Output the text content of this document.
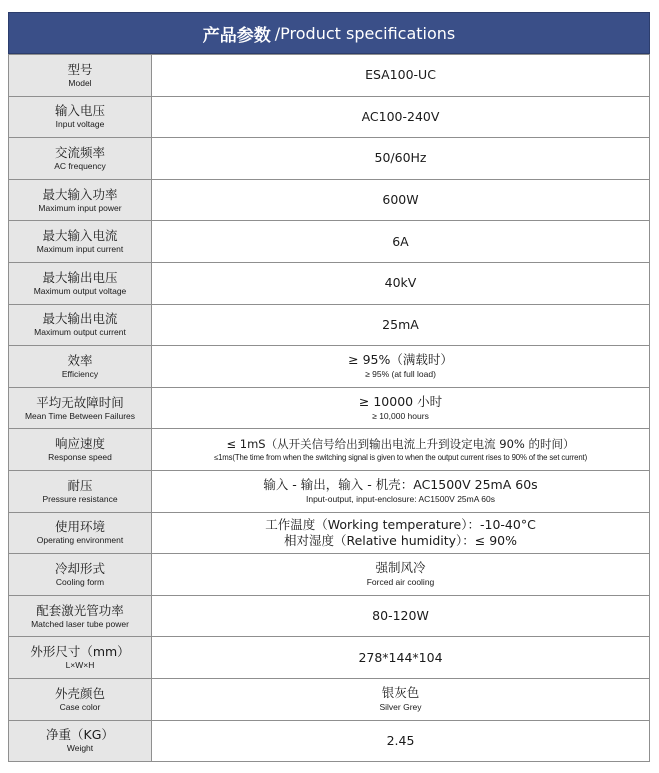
产品参数 /Product specifications
型号
Model	ESA100-UC

输入电压
Input voltage	AC100-240V

交流频率
AC frequency	50/60Hz

最大输入功率
Maximum input power	600W

最大输入电流
Maximum input current	6A

最大输出电压
Maximum output voltage	40kV

最大输出电流
Maximum output current	25mA

效率
Efficiency	≥ 95%（满载时）
≥ 95% (at full load)

平均无故障时间
Mean Time Between Failures	≥ 10000 小时
≥ 10,000 hours

响应速度
Response speed	≤ 1mS（从开关信号给出到输出电流上升到设定电流 90% 的时间）
≤1ms(The time from when the switching signal is given to when the output current rises to 90% of the set current)

耐压
Pressure resistance	输入 - 输出，输入 - 机壳：AC1500V 25mA 60s
Input-output, input-enclosure: AC1500V 25mA 60s

使用环境
Operating environment	工作温度（Working temperature）：-10-40°C
相对湿度（Relative humidity）：≤ 90%

冷却形式
Cooling form	强制风冷
Forced air cooling

配套激光管功率
Matched laser tube power	80-120W

外形尺寸（mm）
L×W×H	278*144*104

外壳颜色
Case color	银灰色
Silver Grey

净重（KG）
Weight	2.45
